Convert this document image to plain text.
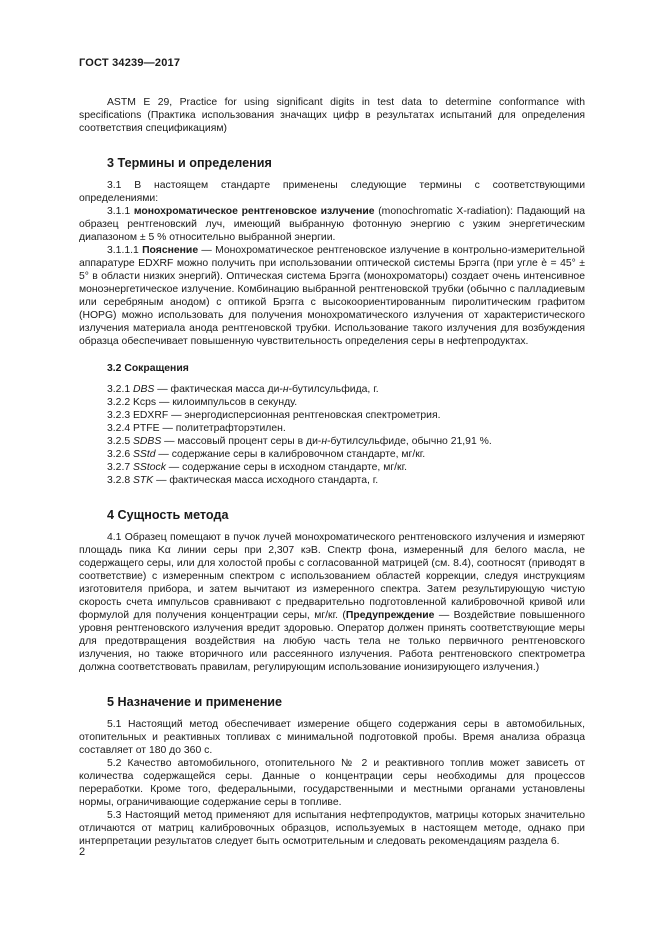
ГОСТ 34239—2017

ASTM E 29, Practice for using significant digits in test data to determine conformance with specifications (Практика использования значащих цифр в результатах испытаний для определения соответствия спецификациям)

3 Термины и определения

3.1 В настоящем стандарте применены следующие термины с соответствующими определениями:

3.1.1 монохроматическое рентгеновское излучение (monochromatic X-radiation): Падающий на образец рентгеновский луч, имеющий выбранную фотонную энергию с узким энергетическим диапазоном ± 5 % относительно выбранной энергии.

3.1.1.1 Пояснение — Монохроматическое рентгеновское излучение в контрольно-измерительной аппаратуре EDXRF можно получить при использовании оптической системы Брэгга (при угле è = 45° ± 5° в области низких энергий). Оптическая система Брэгга (монохроматоры) создает очень интенсивное моноэнергетическое излучение. Комбинацию выбранной рентгеновской трубки (обычно с палладиевым или серебряным анодом) с оптикой Брэгга с высокоориентированным пиролитическим графитом (HOPG) можно использовать для получения монохроматического излучения от характеристического излучения материала анода рентгеновской трубки. Использование такого излучения для возбуждения образца обеспечивает повышенную чувствительность определения серы в нефтепродуктах.

3.2 Сокращения

3.2.1 DBS — фактическая масса ди-н-бутилсульфида, г.

3.2.2 Kcps — килоимпульсов в секунду.

3.2.3 EDXRF — энергодисперсионная рентгеновская спектрометрия.

3.2.4 PTFE — политетрафторэтилен.

3.2.5 SDBS — массовый процент серы в ди-н-бутилсульфиде, обычно 21,91 %.

3.2.6 SStd — содержание серы в калибровочном стандарте, мг/кг.

3.2.7 SStock — содержание серы в исходном стандарте, мг/кг.

3.2.8 STK — фактическая масса исходного стандарта, г.

4 Сущность метода

4.1 Образец помещают в пучок лучей монохроматического рентгеновского излучения и измеряют площадь пика Kα линии серы при 2,307 кэВ. Спектр фона, измеренный для белого масла, не содержащего серы, или для холостой пробы с согласованной матрицей (см. 8.4), соотносят (приводят в соответствие) с измеренным спектром с использованием областей коррекции, следуя инструкциям изготовителя прибора, и затем вычитают из измеренного спектра. Затем результирующую чистую скорость счета импульсов сравнивают с предварительно подготовленной калибровочной кривой или формулой для получения концентрации серы, мг/кг. (Предупреждение — Воздействие повышенного уровня рентгеновского излучения вредит здоровью. Оператор должен принять соответствующие меры для предотвращения воздействия на любую часть тела не только первичного рентгеновского излучения, но также вторичного или рассеянного излучения. Работа рентгеновского спектрометра должна соответствовать правилам, регулирующим использование ионизирующего излучения.)

5 Назначение и применение

5.1 Настоящий метод обеспечивает измерение общего содержания серы в автомобильных, отопительных и реактивных топливах с минимальной подготовкой пробы. Время анализа образца составляет от 180 до 360 с.

5.2 Качество автомобильного, отопительного № 2 и реактивного топлив может зависеть от количества содержащейся серы. Данные о концентрации серы необходимы для процессов переработки. Кроме того, федеральными, государственными и местными органами установлены нормы, ограничивающие содержание серы в топливе.

5.3 Настоящий метод применяют для испытания нефтепродуктов, матрицы которых значительно отличаются от матриц калибровочных образцов, используемых в настоящем методе, однако при интерпретации результатов следует быть осмотрительным и следовать рекомендациям раздела 6.

2
